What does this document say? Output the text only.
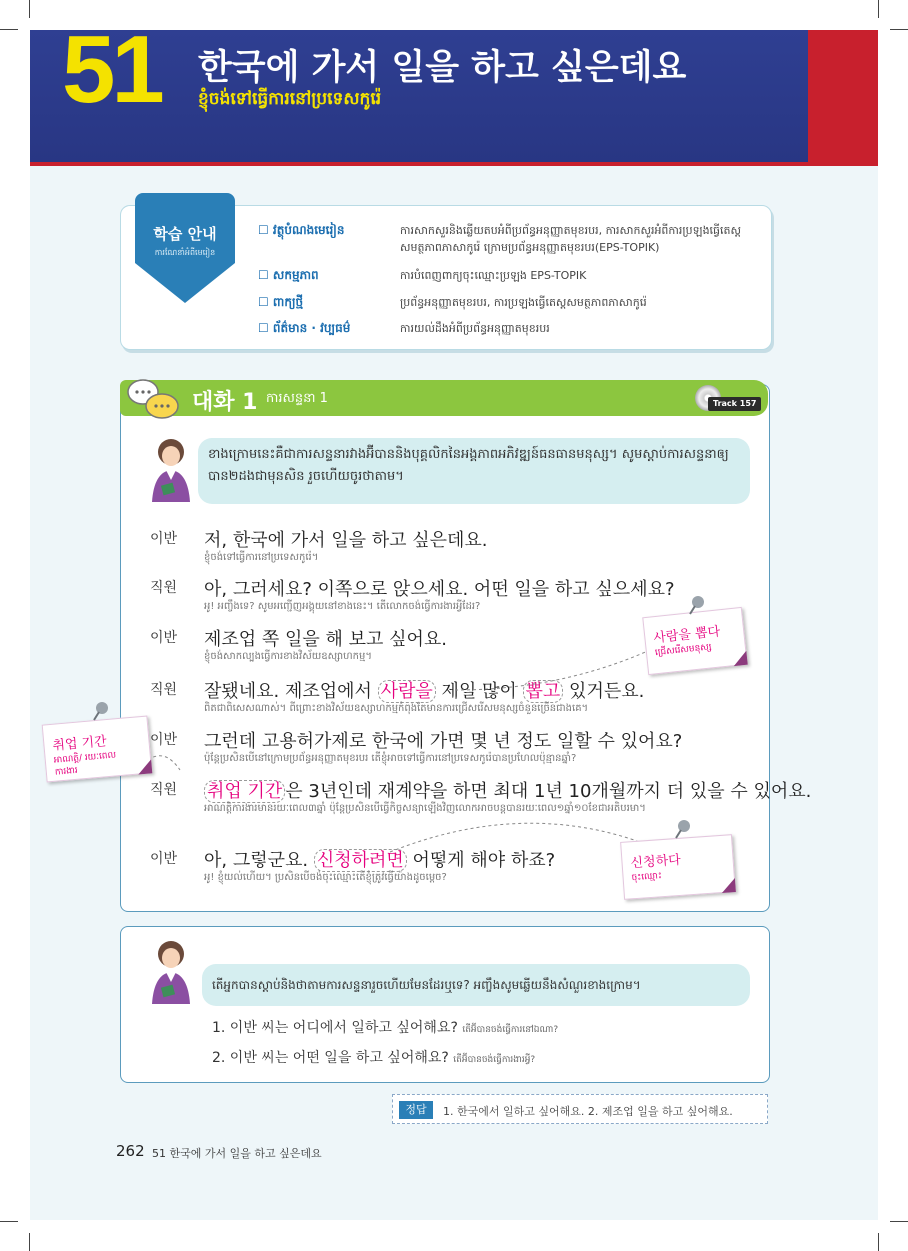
51 한국에 가서 일을 하고 싶은데요
ខ្ញុំចង់ទៅធ្វើការនៅប្រទេសកូរ៉េ
학습 안내
ការណែនាំអំពីមេរៀន
☐ វត្ថុបំណងមេរៀន	ការសាកសួរនិងឆ្លើយតបអំពីប្រព័ន្ធអនុញ្ញាតមុខរបរ, ការសាកសួរអំពីការប្រឡងធ្វើតេស្តសមត្ថភាពភាសាកូរ៉េ ក្រោមប្រព័ន្ធអនុញ្ញាតមុខរបរ(EPS-TOPIK)
☐ សកម្មភាព	ការបំពេញពាក្យចុះឈ្មោះប្រឡង EPS-TOPIK
☐ ពាក្យថ្មី	ប្រព័ន្ធអនុញ្ញាតមុខរបរ, ការប្រឡងធ្វើតេស្តសមត្ថភាពភាសាកូរ៉េ
☐ ព័ត៌មាន · វប្បធម៌	ការយល់ដឹងអំពីប្រព័ន្ធអនុញ្ញាតមុខរបរ
대화 1 ការសន្ទនា 1	Track 157
ខាងក្រោមនេះគឺជាការសន្ទនារវាងអ៊ីបាននិងបុគ្គលិកនៃអង្គភាពអភិវឌ្ឍន៍ធនធានមនុស្ស។ សូមស្តាប់ការសន្ទនាឲ្យបាន២ដងជាមុនសិន រួចហើយចូរថាតាម។
이반	저, 한국에 가서 일을 하고 싶은데요.
ខ្ញុំចង់ទៅធ្វើការនៅប្រទេសកូរ៉េ។
직원	아, 그러세요? 이쪽으로 앉으세요. 어떤 일을 하고 싶으세요?
អូ! អញ្ចឹងទេ? សូមអញ្ជើញអង្គុយនៅខាងនេះ។ តើលោកចង់ធ្វើការងារអ្វីដែរ?
이반	제조업 쪽 일을 해 보고 싶어요.
ខ្ញុំចង់សាកល្បងធ្វើការខាងវិស័យឧស្សាហកម្ម។
직원	잘됐네요. 제조업에서 사람을 제일 많이 뽑고 있거든요.
ពិតជាពិសេសណាស់។ ពីព្រោះខាងវិស័យឧស្សាហកម្មកំពុងតែមានការជ្រើសរើសមនុស្សចំនួនច្រើនជាងគេ។
이반	그런데 고용허가제로 한국에 가면 몇 년 정도 일할 수 있어요?
ប៉ុន្តែប្រសិនបើនៅក្រោមប្រព័ន្ធអនុញ្ញាតមុខរបរ តើខ្ញុំអាចទៅធ្វើការនៅប្រទេសកូរ៉េបានប្រហែលប៉ុន្មានឆ្នាំ?
직원	취업 기간 은 3년인데 재계약을 하면 최대 1년 10개월까지 더 있을 수 있어요.
អាណត្តិការងារមានរយៈពេល៣ឆ្នាំ ប៉ុន្តែប្រសិនបើធ្វើកិច្ចសន្យាឡើងវិញលោកអាចបន្តបានរយៈពេល១ឆ្នាំ១០ខែជាអតិបរមា។
이반	아, 그렇군요. 신청하려면 어떻게 해야 하죠?
អូ! ខ្ញុំយល់ហើយ។ ប្រសិនបើចង់ចុះឈ្មោះតើខ្ញុំត្រូវធ្វើយ៉ាងដូចម្តេច?
사람을 뽑다
ជ្រើសរើសមនុស្ស
취업 기간
អាណត្តិ/ រយៈពេលការងារ
신청하다
ចុះឈ្មោះ
តើអ្នកបានស្តាប់និងថាតាមការសន្ទនារួចហើយមែនដែរឬទេ? អញ្ចឹងសូមឆ្លើយនឹងសំណួរខាងក្រោម។
1. 이반 씨는 어디에서 일하고 싶어해요? តើអ៊ីបានចង់ធ្វើការនៅឯណា?
2. 이반 씨는 어떤 일을 하고 싶어해요? តើអ៊ីបានចង់ធ្វើការងារអ្វី?
정답	1. 한국에서 일하고 싶어해요. 2. 제조업 일을 하고 싶어해요.
262 51 한국에 가서 일을 하고 싶은데요
